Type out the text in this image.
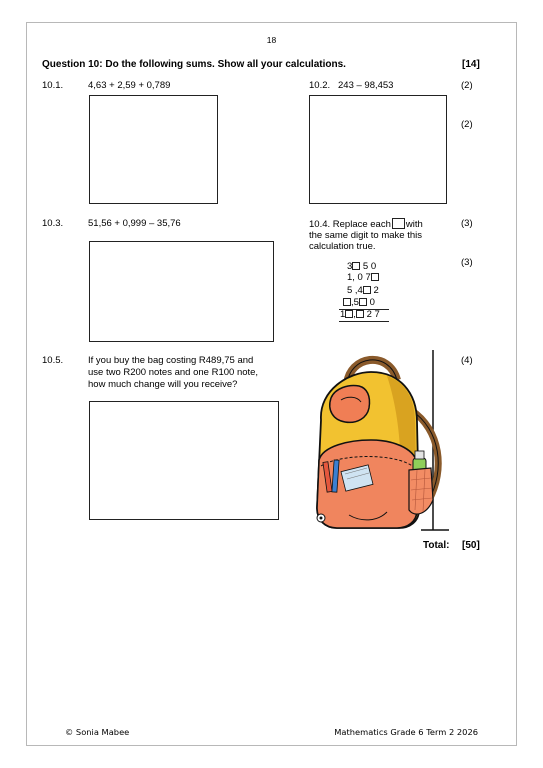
18
Question 10: Do the following sums. Show all your calculations.	[14]
10.1.	4,63 + 2,59 + 0,789	10.2. 243 – 98,453	(2)
(2)
10.3.	51,56 + 0,999 – 35,76	10.4. Replace each with
the same digit to make this
calculation true.
(3)
(3)
3 5 0
1, 0 7
5 ,4 2
,5 0
1 , 2 7
10.5.	If you buy the bag costing R489,75 and
use two R200 notes and one R100 note,
how much change will you receive?
(4)
Total: [50]
© Sonia Mabee	Mathematics Grade 6 Term 2 2026
